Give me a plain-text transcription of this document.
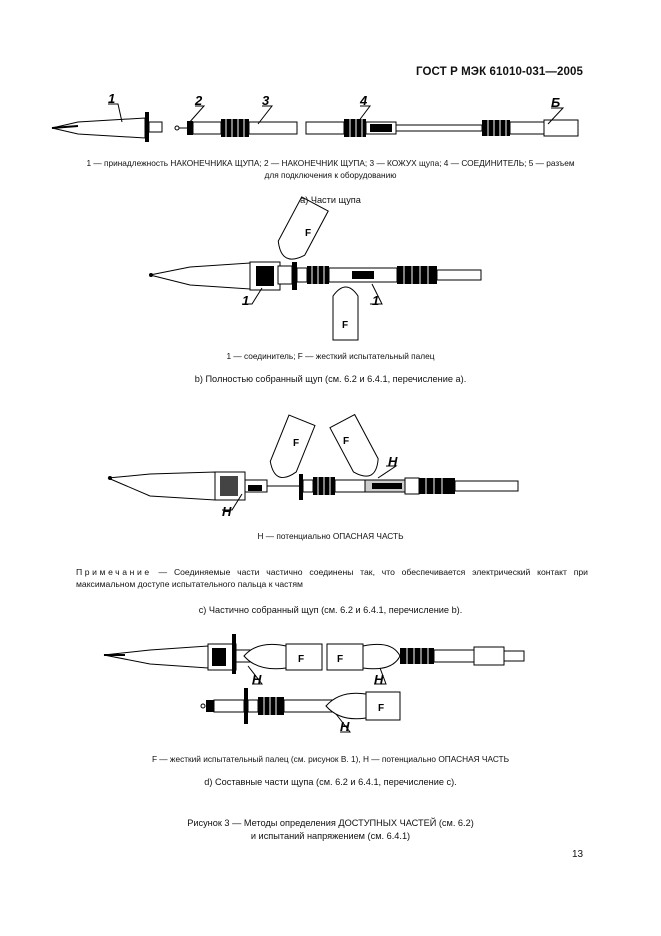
ГОСТ Р МЭК 61010-031—2005
1	2	3	4	Б
F
F
1	1
F	F
H
H
F	F
F
H	H
H
1 — принадлежность НАКОНЕЧНИКА ЩУПА; 2 — НАКОНЕЧНИК ЩУПА; 3 — КОЖУХ щупа; 4 — СОЕДИНИТЕЛЬ; 5 — разъем
для подключения к оборудованию
а) Части щупа
1 — соединитель; F — жесткий испытательный палец
b) Полностью собранный щуп (см. 6.2 и 6.4.1, перечисление а).
H — потенциально ОПАСНАЯ ЧАСТЬ
Примечание — Соединяемые части частично соединены так, что обеспечивается электрический контакт при максимальном доступе испытательного пальца к частям
c) Частично собранный щуп (см. 6.2 и 6.4.1, перечисление b).
F — жесткий испытательный палец (см. рисунок В. 1), H — потенциально ОПАСНАЯ ЧАСТЬ
d) Составные части щупа (см. 6.2 и 6.4.1, перечисление с).
Рисунок 3 — Методы определения ДОСТУПНЫХ ЧАСТЕЙ (см. 6.2)
и испытаний напряжением (см. 6.4.1)
13
